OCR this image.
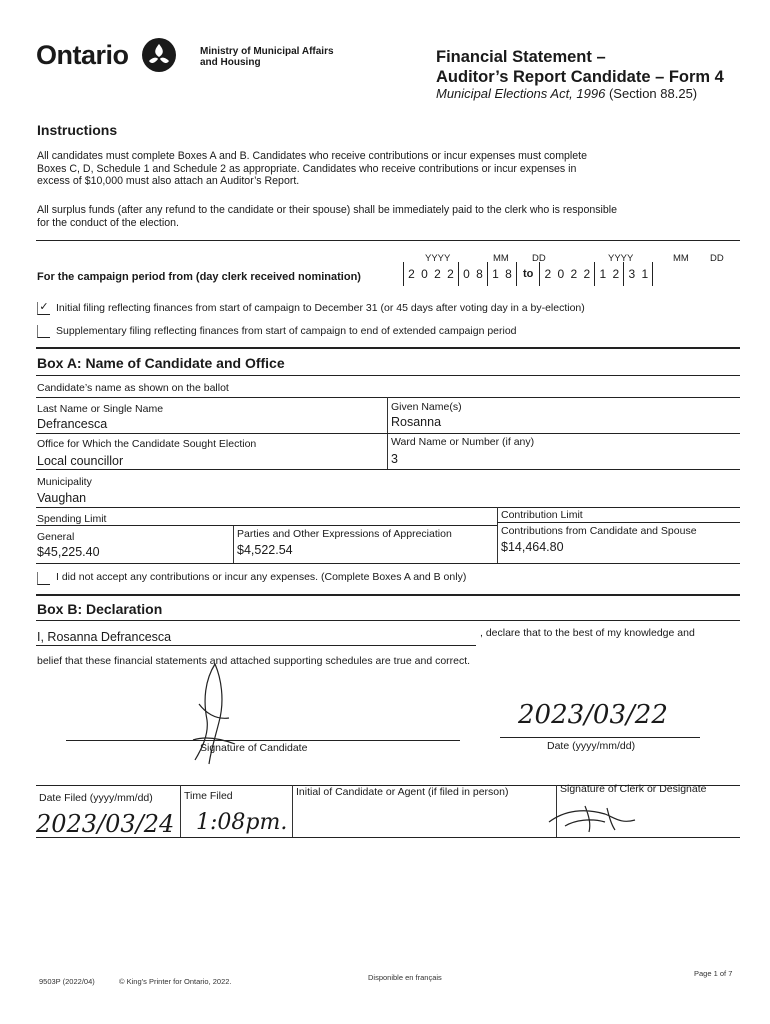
Ontario	Ministry of Municipal Affairs
and Housing	Financial Statement –
Auditor’s Report Candidate – Form 4
Municipal Elections Act, 1996 (Section 88.25)
Instructions
All candidates must complete Boxes A and B. Candidates who receive contributions or incur expenses must complete
Boxes C, D, Schedule 1 and Schedule 2 as appropriate. Candidates who receive contributions or incur expenses in
excess of $10,000 must also attach an Auditor’s Report.
All surplus funds (after any refund to the candidate or their spouse) shall be immediately paid to the clerk who is responsible
for the conduct of the election.
YYYY	MM DD	YYYY	MM DD
For the campaign period from (day clerk received nomination)	2 0 2 2 0 8 1 8 to 2 0 2 2 1 2 3 1
✓ Initial filing reflecting finances from start of campaign to December 31 (or 45 days after voting day in a by-election)
Supplementary filing reflecting finances from start of campaign to end of extended campaign period
Box A: Name of Candidate and Office
Candidate’s name as shown on the ballot
Last Name or Single Name
Defrancesca
Given Name(s)
Rosanna
Office for Which the Candidate Sought Election
Local councillor
Ward Name or Number (if any)
3
Municipality
Vaughan
Spending Limit
General
$45,225.40
Parties and Other Expressions of Appreciation
$4,522.54
Contribution Limit
Contributions from Candidate and Spouse
$14,464.80
I did not accept any contributions or incur any expenses. (Complete Boxes A and B only)
Box B: Declaration
I, Rosanna Defrancesca	, declare that to the best of my knowledge and
belief that these financial statements and attached supporting schedules are true and correct.
Signature of Candidate
2023/03/22
Date (yyyy/mm/dd)
Date Filed (yyyy/mm/dd)	Time Filed	Initial of Candidate or Agent (if filed in person)	Signature of Clerk or Designate
2023/03/24 1:08pm.
9503P (2022/04)	© King’s Printer for Ontario, 2022.	Disponible en français	Page 1 of 7
